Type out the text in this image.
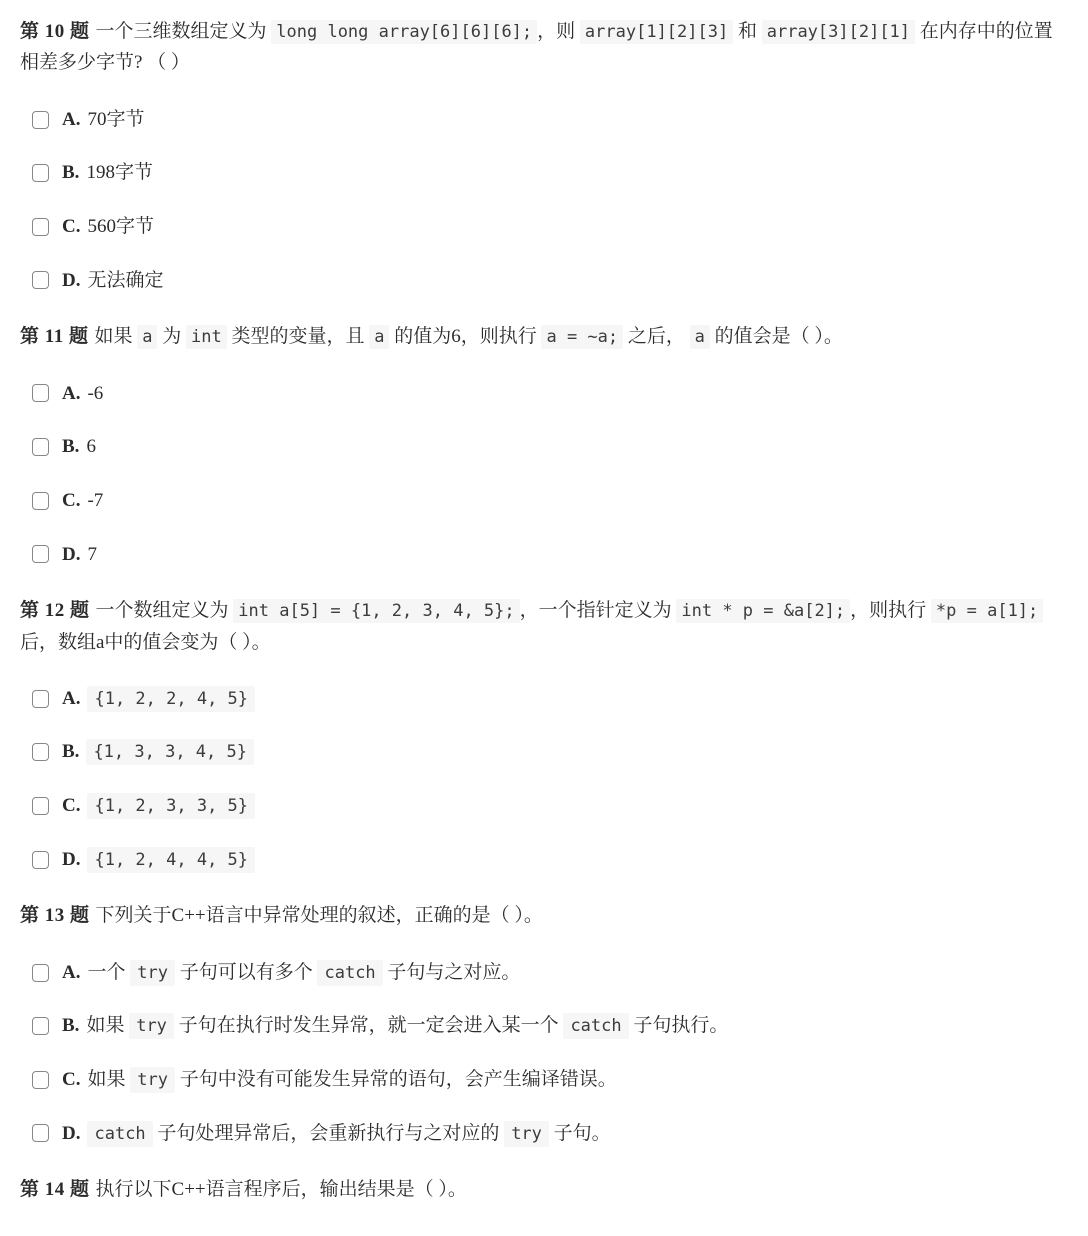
第 10 题 一个三维数组定义为 long long array[6][6][6]; ，则 array[1][2][3] 和 array[3][2][1] 在内存中的位置相差多少字节? （ ）

A. 70字节
B. 198字节
C. 560字节
D. 无法确定

第 11 题 如果 a 为 int 类型的变量，且 a 的值为6，则执行 a = ~a; 之后， a 的值会是（ ）。

A. -6
B. 6
C. -7
D. 7

第 12 题 一个数组定义为 int a[5] = {1, 2, 3, 4, 5}; ，一个指针定义为 int * p = &a[2]; ，则执行 *p = a[1]; 后，数组a中的值会变为（ ）。

A. {1, 2, 2, 4, 5}
B. {1, 3, 3, 4, 5}
C. {1, 2, 3, 3, 5}
D. {1, 2, 4, 4, 5}

第 13 题 下列关于C++语言中异常处理的叙述，正确的是（ ）。

A. 一个 try 子句可以有多个 catch 子句与之对应。
B. 如果 try 子句在执行时发生异常，就一定会进入某一个 catch 子句执行。
C. 如果 try 子句中没有可能发生异常的语句，会产生编译错误。
D. catch 子句处理异常后，会重新执行与之对应的 try 子句。

第 14 题 执行以下C++语言程序后，输出结果是（ ）。
